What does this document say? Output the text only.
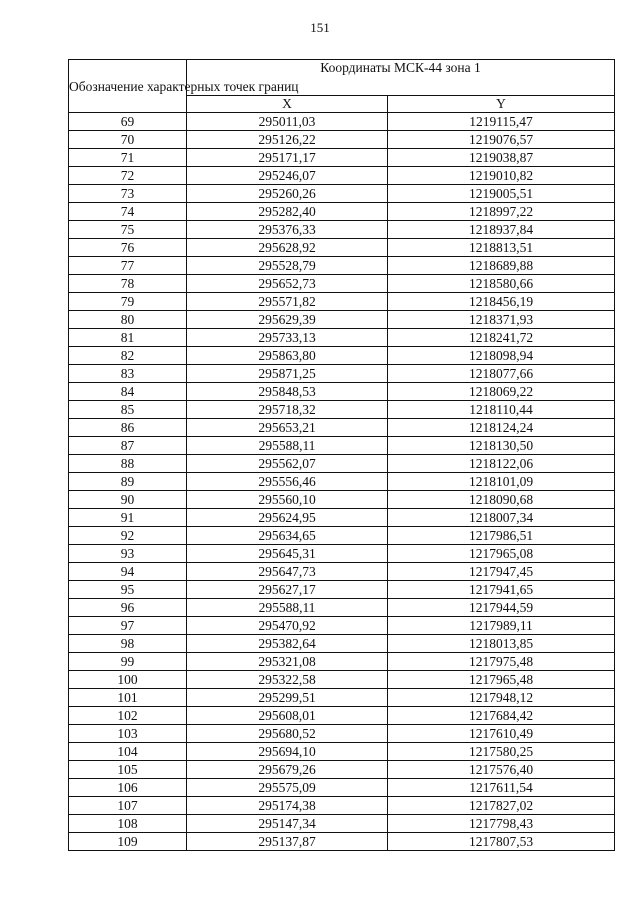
151
Обозначение характерных точек границ	Координаты МСК-44 зона 1	
	X	Y
69	295011,03	1219115,47
70	295126,22	1219076,57
71	295171,17	1219038,87
72	295246,07	1219010,82
73	295260,26	1219005,51
74	295282,40	1218997,22
75	295376,33	1218937,84
76	295628,92	1218813,51
77	295528,79	1218689,88
78	295652,73	1218580,66
79	295571,82	1218456,19
80	295629,39	1218371,93
81	295733,13	1218241,72
82	295863,80	1218098,94
83	295871,25	1218077,66
84	295848,53	1218069,22
85	295718,32	1218110,44
86	295653,21	1218124,24
87	295588,11	1218130,50
88	295562,07	1218122,06
89	295556,46	1218101,09
90	295560,10	1218090,68
91	295624,95	1218007,34
92	295634,65	1217986,51
93	295645,31	1217965,08
94	295647,73	1217947,45
95	295627,17	1217941,65
96	295588,11	1217944,59
97	295470,92	1217989,11
98	295382,64	1218013,85
99	295321,08	1217975,48
100	295322,58	1217965,48
101	295299,51	1217948,12
102	295608,01	1217684,42
103	295680,52	1217610,49
104	295694,10	1217580,25
105	295679,26	1217576,40
106	295575,09	1217611,54
107	295174,38	1217827,02
108	295147,34	1217798,43
109	295137,87	1217807,53
